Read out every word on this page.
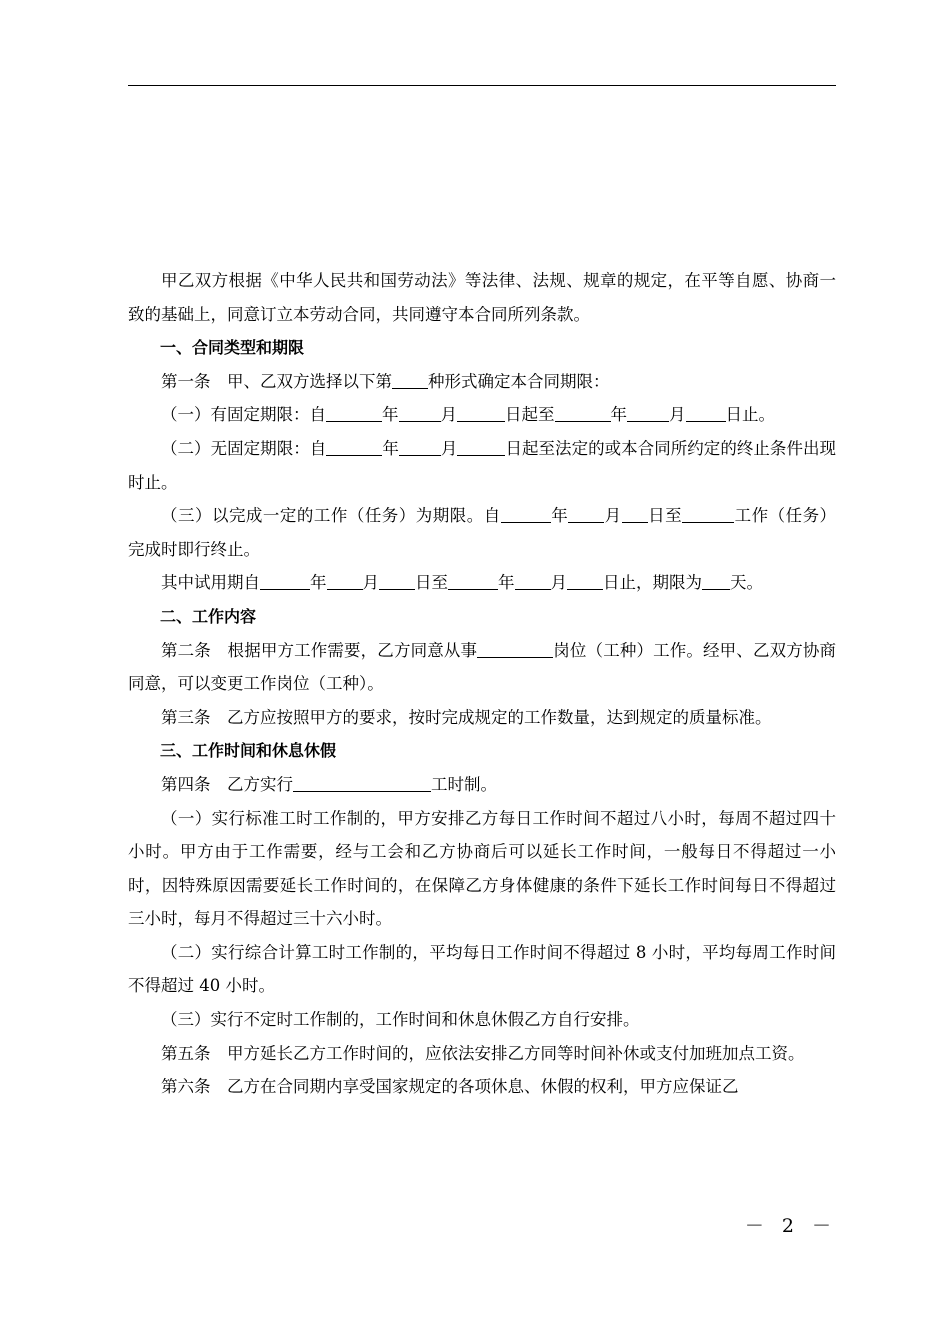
甲乙双方根据《中华人民共和国劳动法》等法律、法规、规章的规定，在平等自愿、协商一致的基础上，同意订立本劳动合同，共同遵守本合同所列条款。

一、合同类型和期限

第一条　甲、乙双方选择以下第 种形式确定本合同期限：

（一）有固定期限：自	年	月	日起至	年	月 日止。

（二）无固定期限：自	年	月	日起至法定的或本合同所约定的终止条件出现时止。

（三）以完成一定的工作（任务）为期限。自	年 月 日至	工作（任务）完成时即行终止。

其中试用期自	年 月 日至	年 月 日止，期限为 天。

二、工作内容

第二条　根据甲方工作需要，乙方同意从事	岗位（工种）工作。经甲、乙双方协商同意，可以变更工作岗位（工种）。

第三条　乙方应按照甲方的要求，按时完成规定的工作数量，达到规定的质量标准。

三、工作时间和休息休假

第四条　乙方实行	工时制。

（一）实行标准工时工作制的，甲方安排乙方每日工作时间不超过八小时，每周不超过四十小时。甲方由于工作需要，经与工会和乙方协商后可以延长工作时间，一般每日不得超过一小时，因特殊原因需要延长工作时间的，在保障乙方身体健康的条件下延长工作时间每日不得超过三小时，每月不得超过三十六小时。

（二）实行综合计算工时工作制的，平均每日工作时间不得超过 8 小时，平均每周工作时间不得超过 40 小时。

（三）实行不定时工作制的，工作时间和休息休假乙方自行安排。

第五条　甲方延长乙方工作时间的，应依法安排乙方同等时间补休或支付加班加点工资。

第六条　乙方在合同期内享受国家规定的各项休息、休假的权利，甲方应保证乙

－ 2 －
